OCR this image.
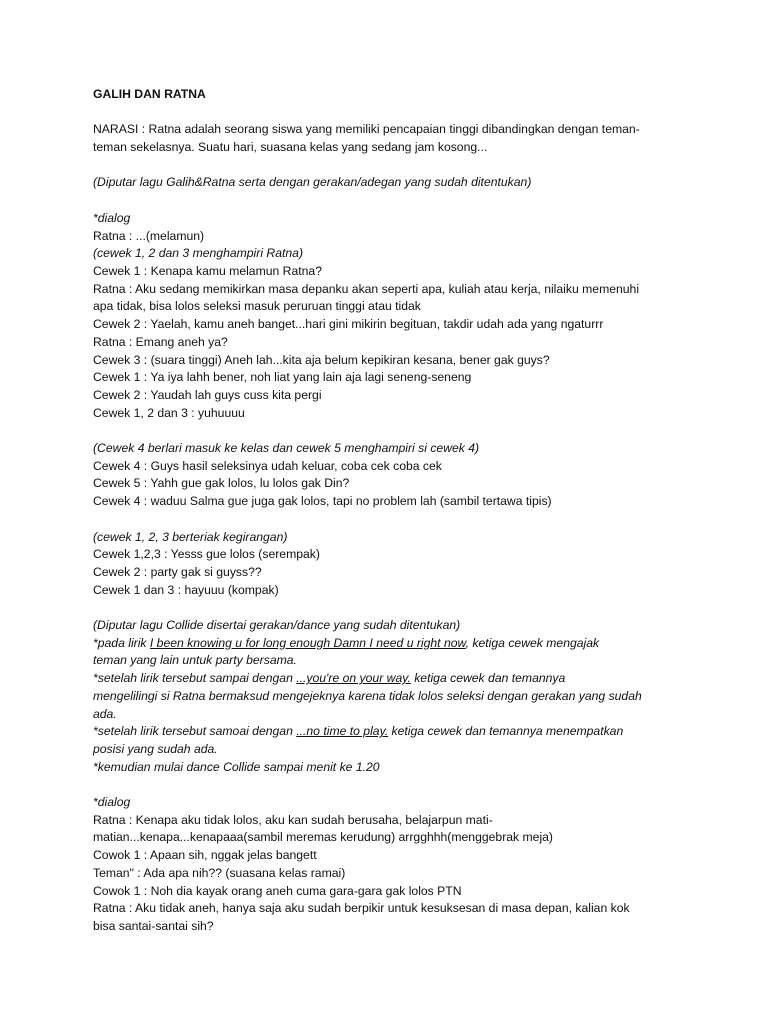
GALIH DAN RATNA

NARASI : Ratna adalah seorang siswa yang memiliki pencapaian tinggi dibandingkan dengan teman-

teman sekelasnya. Suatu hari, suasana kelas yang sedang jam kosong...

(Diputar lagu Galih&Ratna serta dengan gerakan/adegan yang sudah ditentukan)

*dialog

Ratna : ...(melamun)

(cewek 1, 2 dan 3 menghampiri Ratna)

Cewek 1 : Kenapa kamu melamun Ratna?

Ratna : Aku sedang memikirkan masa depanku akan seperti apa, kuliah atau kerja, nilaiku memenuhi

apa tidak, bisa lolos seleksi masuk peruruan tinggi atau tidak

Cewek 2 : Yaelah, kamu aneh banget...hari gini mikirin begituan, takdir udah ada yang ngaturrr

Ratna : Emang aneh ya?

Cewek 3 : (suara tinggi) Aneh lah...kita aja belum kepikiran kesana, bener gak guys?

Cewek 1 : Ya iya lahh bener, noh liat yang lain aja lagi seneng-seneng

Cewek 2 : Yaudah lah guys cuss kita pergi

Cewek 1, 2 dan 3 : yuhuuuu

(Cewek 4 berlari masuk ke kelas dan cewek 5 menghampiri si cewek 4)

Cewek 4 : Guys hasil seleksinya udah keluar, coba cek coba cek

Cewek 5 : Yahh gue gak lolos, lu lolos gak Din?

Cewek 4 : waduu Salma gue juga gak lolos, tapi no problem lah (sambil tertawa tipis)

(cewek 1, 2, 3 berteriak kegirangan)

Cewek 1,2,3 : Yesss gue lolos (serempak)

Cewek 2 : party gak si guyss??

Cewek 1 dan 3 : hayuuu (kompak)

(Diputar lagu Collide disertai gerakan/dance yang sudah ditentukan)

*pada lirik I been knowing u for long enough Damn I need u right now, ketiga cewek mengajak

teman yang lain untuk party bersama.

*setelah lirik tersebut sampai dengan ...you're on your way. ketiga cewek dan temannya

mengelilingi si Ratna bermaksud mengejeknya karena tidak lolos seleksi dengan gerakan yang sudah

ada.

*setelah lirik tersebut samoai dengan ...no time to play. ketiga cewek dan temannya menempatkan

posisi yang sudah ada.

*kemudian mulai dance Collide sampai menit ke 1.20

*dialog

Ratna : Kenapa aku tidak lolos, aku kan sudah berusaha, belajarpun mati-

matian...kenapa...kenapaaa(sambil meremas kerudung) arrgghhh(menggebrak meja)

Cowok 1 : Apaan sih, nggak jelas bangett

Teman" : Ada apa nih?? (suasana kelas ramai)

Cowok 1 : Noh dia kayak orang aneh cuma gara-gara gak lolos PTN

Ratna : Aku tidak aneh, hanya saja aku sudah berpikir untuk kesuksesan di masa depan, kalian kok

bisa santai-santai sih?
